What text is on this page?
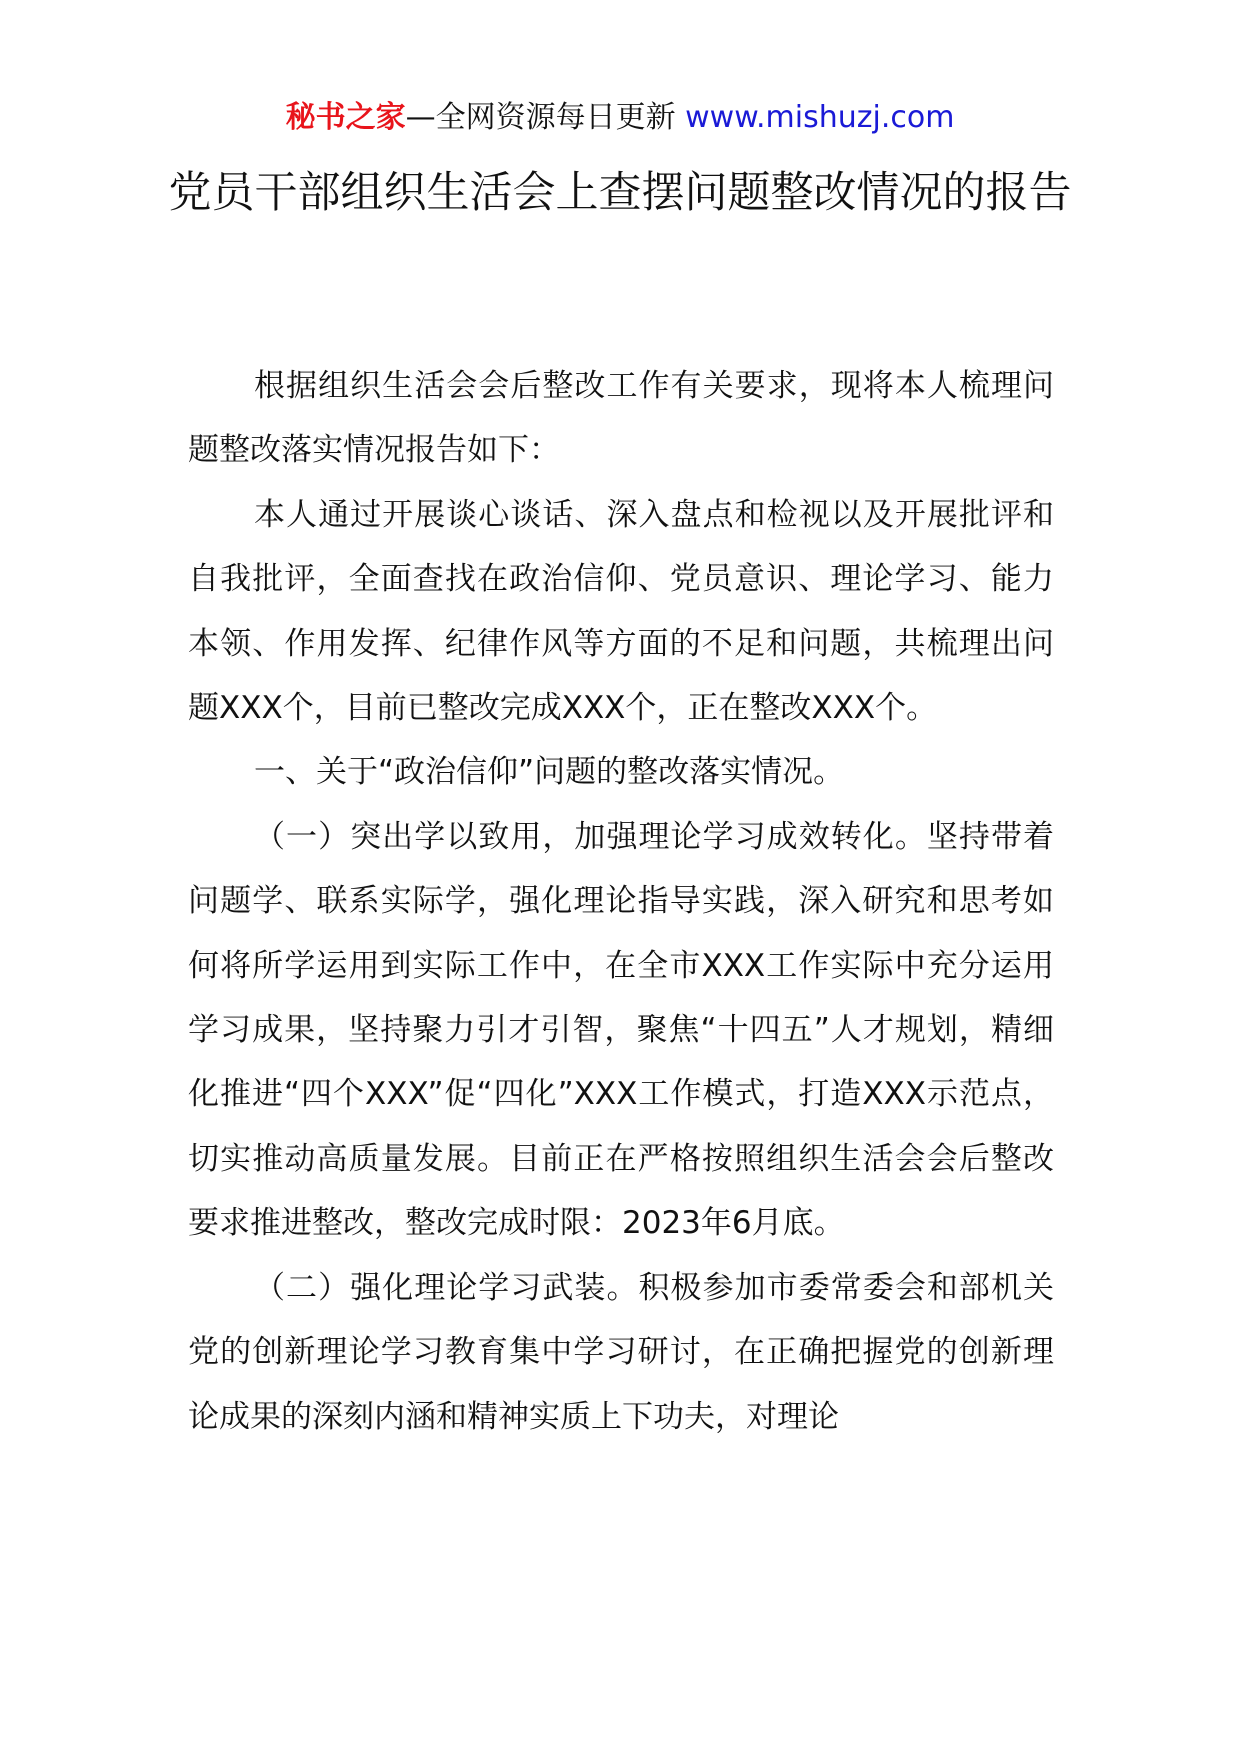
秘书之家—全网资源每日更新 www.mishuzj.com
党员干部组织生活会上查摆问题整改情况的报告

根据组织生活会会后整改工作有关要求，现将本人梳理问题整改落实情况报告如下：

本人通过开展谈心谈话、深入盘点和检视以及开展批评和自我批评，全面查找在政治信仰、党员意识、理论学习、能力本领、作用发挥、纪律作风等方面的不足和问题，共梳理出问题XXX个，目前已整改完成XXX个，正在整改XXX个。

一、关于“政治信仰”问题的整改落实情况。

（一）突出学以致用，加强理论学习成效转化。坚持带着问题学、联系实际学，强化理论指导实践，深入研究和思考如何将所学运用到实际工作中，在全市XXX工作实际中充分运用学习成果，坚持聚力引才引智，聚焦“十四五”人才规划，精细化推进“四个XXX”促“四化”XXX工作模式，打造XXX示范点，切实推动高质量发展。目前正在严格按照组织生活会会后整改要求推进整改，整改完成时限：2023年6月底。

（二）强化理论学习武装。积极参加市委常委会和部机关党的创新理论学习教育集中学习研讨，在正确把握党的创新理论成果的深刻内涵和精神实质上下功夫，对理论
